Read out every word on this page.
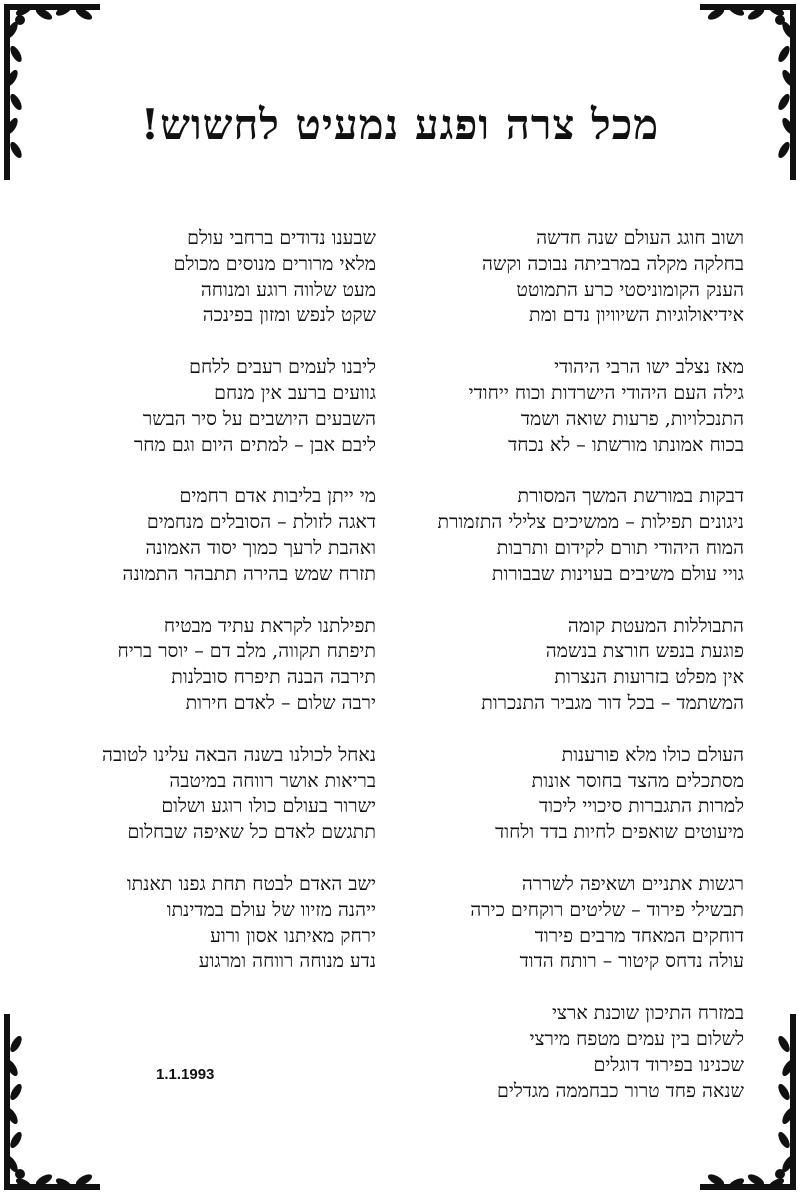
מכל צרה ופגע נמעיט לחשוש!
ושוב חוגג העולם שנה חדשה
בחלקה מקלה במרביתה נבוכה וקשה
הענק הקומוניסטי כרע התמוטט
אידיאולוגיות השיוויון נדם ומת
מאז נצלב ישו הרבי היהודי
גילה העם היהודי הישרדות וכוח ייחודי
התנכלויות, פרעות שואה ושמד
בכוח אמונתו מורשתו – לא נכחד
דבקות במורשת המשך המסורת
ניגונים תפילות – ממשיכים צלילי התזמורת
המוח היהודי תורם לקידום ותרבות
גויי עולם משיבים בעוינות שבבורות
התבוללות המעטת קומה
פוגעת בנפש חורצת בנשמה
אין מפלט בזרועות הנצרות
המשתמד – בכל דור מגביר התנכרות
העולם כולו מלא פורענות
מסתכלים מהצד בחוסר אונות
למרות התגברות סיכויי ליכוד
מיעוטים שואפים לחיות בדד ולחוד
רגשות אתניים ושאיפה לשררה
תבשילי פירוד – שליטים רוקחים כירה
דוחקים המאחד מרבים פירוד
עולה נדחס קיטור – רותח הדוד
במזרח התיכון שוכנת ארצי
לשלום בין עמים מטפח מירצי
שכנינו בפירוד דוגלים
שנאה פחד טרור כבחממה מגדלים
שבענו נדודים ברחבי עולם
מלאי מרורים מנוסים מכולם
מעט שלווה רוגע ומנוחה
שקט לנפש ומזון בפינכה
ליבנו לעמים רעבים ללחם
גוועים ברעב אין מנחם
השבעים היושבים על סיר הבשר
ליבם אבן – למתים היום וגם מחר
מי ייתן בליבות אדם רחמים
דאגה לזולת – הסובלים מנחמים
ואהבת לרעך כמוך יסוד האמונה
תזרח שמש בהירה תתבהר התמונה
תפילתנו לקראת עתיד מבטיח
תיפתח תקווה, מלב דם – יוסר בריח
תירבה הבנה תיפרח סובלנות
ירבה שלום – לאדם חירות
נאחל לכולנו בשנה הבאה עלינו לטובה
בריאות אושר רווחה במיטבה
ישרור בעולם כולו רוגע ושלום
תתגשם לאדם כל שאיפה שבחלום
ישב האדם לבטח תחת גפנו תאנתו
ייהנה מזיוו של עולם במדינתו
ירחק מאיתנו אסון ורוע
נדע מנוחה רווחה ומרגוע
1.1.1993
